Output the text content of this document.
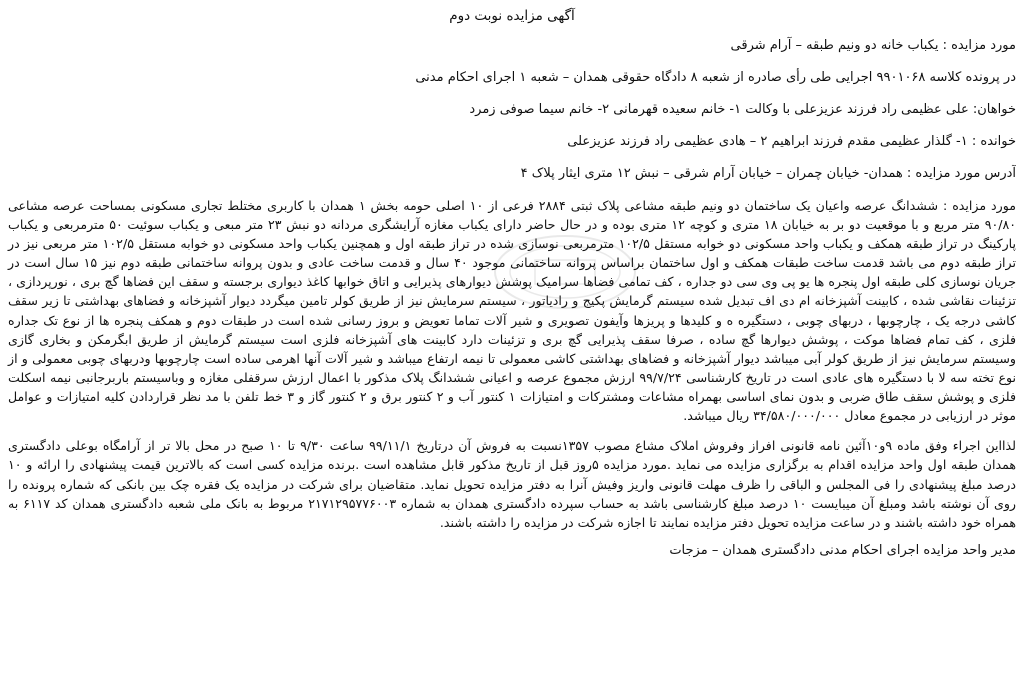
آگهی مزایده نوبت دوم
مورد مزایده : یکباب خانه دو ونیم طبقه – آرام شرقی
در پرونده کلاسه ۹۹۰۱۰۶۸ اجرایی طی رأی صادره از شعبه ۸ دادگاه حقوقی همدان – شعبه ۱ اجرای احکام مدنی
خواهان: علی عظیمی راد فرزند عزیزعلی با وکالت ۱- خانم سعیده قهرمانی ۲- خانم سیما صوفی زمرد
خوانده : ۱- گلذار عظیمی مقدم فرزند ابراهیم ۲ – هادی عظیمی راد فرزند عزیزعلی
آدرس مورد مزایده : همدان- خیابان چمران – خیابان آرام شرقی – نبش ۱۲ متری ایثار پلاک ۴
مورد مزایده : ششدانگ عرصه واعیان یک ساختمان دو ونیم طبقه مشاعی پلاک ثبتی ۲۸۸۴ فرعی از ۱۰ اصلی حومه بخش ۱ همدان با کاربری مختلط تجاری مسکونی بمساحت عرصه مشاعی ۹۰/۸۰ متر مربع و با موقعیت دو بر به خیابان ۱۸ متری و کوچه ۱۲ متری بوده و در حال حاضر دارای یکباب مغازه آرایشگری مردانه دو نبش ۲۳ متر مبعی و یکباب سوئیت ۵۰ مترمربعی و یکباب پارکینگ در تراز طبقه همکف و یکباب واحد مسکونی دو خوابه مستقل ۱۰۲/۵ مترمربعی نوسازی شده در تراز طبقه اول و همچنین یکباب واحد مسکونی دو خوابه مستقل ۱۰۲/۵ متر مربعی نیز در تراز طبقه دوم می باشد قدمت ساخت طبقات همکف و اول ساختمان براساس پروانه ساختمانی موجود ۴۰ سال و قدمت ساخت عادی و بدون پروانه ساختمانی طبقه دوم نیز ۱۵ سال است در جریان نوسازی کلی طبقه اول پنجره ها یو پی وی سی دو جداره ، کف تمامی فضاها سرامیک پوشش دیوارهای پذیرایی و اتاق خوابها کاغذ دیواری برجسته و سقف این فضاها گچ بری ، نورپردازی ، تزئینات نقاشی شده ، کابینت آشپزخانه ام دی اف تبدیل شده سیستم گرمایش پکیج و رادیاتور ، سیستم سرمایش نیز از طریق کولر تامین میگردد دیوار آشپزخانه و فضاهای بهداشتی تا زیر سقف کاشی درجه یک ، چارچوبها ، دربهای چوبی ، دستگیره ه و کلیدها و پریزها وآیفون تصویری و شیر آلات تماما تعویض و بروز رسانی شده است در طبقات دوم و همکف پنجره ها از نوع تک جداره فلزی ، کف تمام فضاها موکت ، پوشش دیوارها گچ ساده ، صرفا سقف پذیرایی گچ بری و تزئینات دارد کابینت های آشپزخانه فلزی است سیستم گرمایش از طریق ابگرمکن و بخاری گازی وسیستم سرمایش نیز از طریق کولر آبی میباشد دیوار آشپزخانه و فضاهای بهداشتی کاشی معمولی تا نیمه ارتفاع میباشد و شیر آلات آنها اهرمی ساده است چارچوبها ودربهای چوبی معمولی و از نوع تخته سه لا با دستگیره های عادی است در تاریخ کارشناسی ۹۹/۷/۲۴ ارزش مجموع عرصه و اعیانی ششدانگ پلاک مذکور با اعمال ارزش سرقفلی مغازه و وباسیستم باربرجانبی نیمه اسکلت فلزی و پوشش سقف طاق ضربی و بدون نمای اساسی بهمراه مشاعات ومشترکات و امتیازات ۱ کنتور آب و ۲ کنتور برق و ۲ کنتور گاز و ۳ خط تلفن با مد نظر قراردادن کلیه امتیازات و عوامل موثر در ارزیابی در مجموع معادل ۳۴/۵۸۰/۰۰۰/۰۰۰ ریال میباشد.
لذااین اجراء وفق ماده ۹و۱۰آئین نامه قانونی افراز وفروش املاک مشاع مصوب ۱۳۵۷نسبت به فروش آن درتاریخ ۹۹/۱۱/۱ ساعت ۹/۳۰ تا ۱۰ صبح در محل بالا تر از آرامگاه بوعلی دادگستری همدان طبقه اول واحد مزایده اقدام به برگزاری مزایده می نماید .مورد مزایده ۵روز قبل از تاریخ مذکور قابل مشاهده است .برنده مزایده کسی است که بالاترین قیمت پیشنهادی را ارائه و ۱۰ درصد مبلغ پیشنهادی را فی المجلس و الباقی را ظرف مهلت قانونی واریز وفیش آنرا به دفتر مزایده تحویل نماید. متقاضیان برای شرکت در مزایده یک فقره چک بین بانکی که شماره پرونده را روی آن نوشته باشد ومبلغ آن میبایست ۱۰ درصد مبلغ کارشناسی باشد به حساب سپرده دادگستری همدان به شماره ۲۱۷۱۲۹۵۷۷۶۰۰۳ مربوط به بانک ملی شعبه دادگستری همدان کد ۶۱۱۷ به همراه خود داشته باشند و در ساعت مزایده تحویل دفتر مزایده نمایند تا اجازه شرکت در مزایده را داشته باشند.
مدیر واحد مزایده اجرای احکام مدنی دادگستری همدان – مزجات
